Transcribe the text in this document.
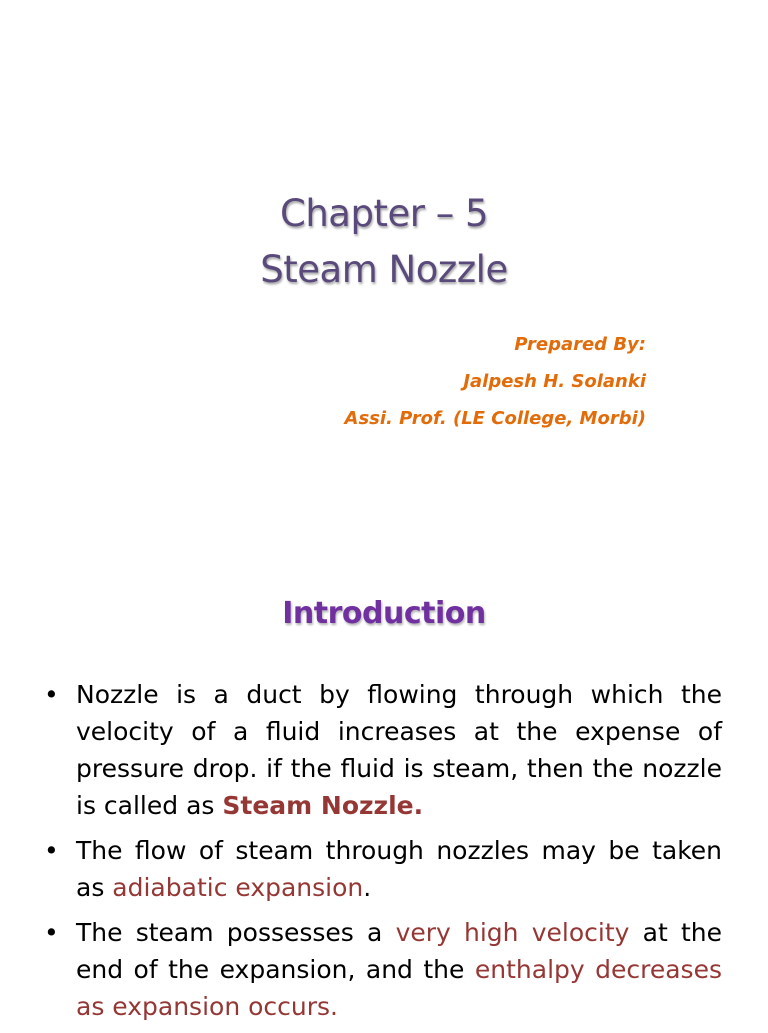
Chapter – 5
Steam Nozzle
Prepared By:
Jalpesh H. Solanki
Assi. Prof. (LE College, Morbi)
Introduction
• Nozzle is a duct by flowing through which the velocity of a fluid increases at the expense of pressure drop. if the fluid is steam, then the nozzle is called as Steam Nozzle.
• The flow of steam through nozzles may be taken as adiabatic expansion.
• The steam possesses a very high velocity at the end of the expansion, and the enthalpy decreases as expansion occurs.
